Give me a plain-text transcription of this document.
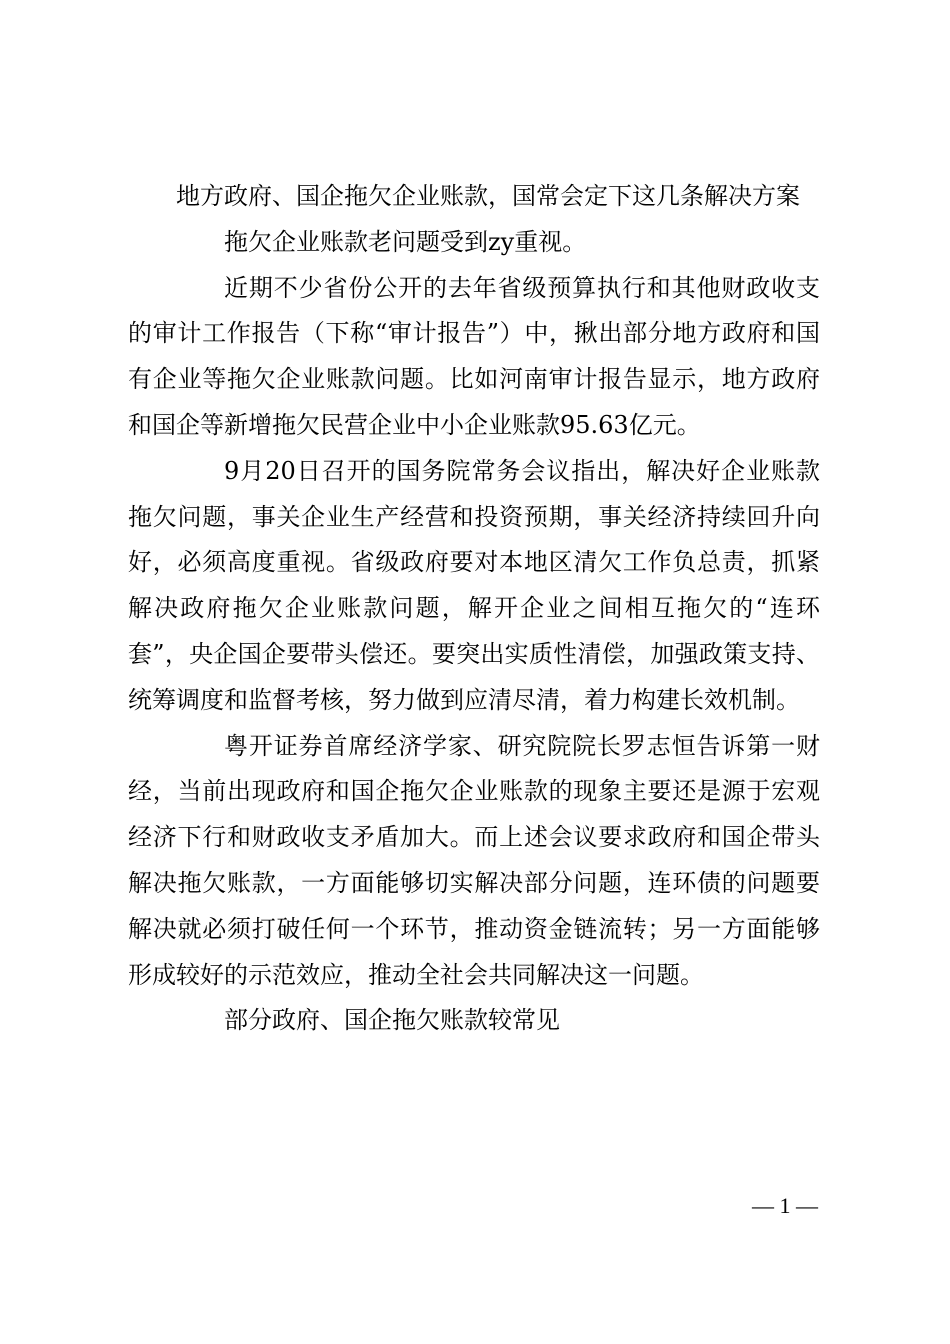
地方政府、国企拖欠企业账款，国常会定下这几条解决方案

拖欠企业账款老问题受到zy重视。

近期不少省份公开的去年省级预算执行和其他财政收支的审计工作报告（下称“审计报告”）中，揪出部分地方政府和国有企业等拖欠企业账款问题。比如河南审计报告显示，地方政府和国企等新增拖欠民营企业中小企业账款95.63亿元。

9月20日召开的国务院常务会议指出，解决好企业账款拖欠问题，事关企业生产经营和投资预期，事关经济持续回升向好，必须高度重视。省级政府要对本地区清欠工作负总责，抓紧解决政府拖欠企业账款问题，解开企业之间相互拖欠的“连环套”，央企国企要带头偿还。要突出实质性清偿，加强政策支持、统筹调度和监督考核，努力做到应清尽清，着力构建长效机制。

粤开证券首席经济学家、研究院院长罗志恒告诉第一财经，当前出现政府和国企拖欠企业账款的现象主要还是源于宏观经济下行和财政收支矛盾加大。而上述会议要求政府和国企带头解决拖欠账款，一方面能够切实解决部分问题，连环债的问题要解决就必须打破任何一个环节，推动资金链流转；另一方面能够形成较好的示范效应，推动全社会共同解决这一问题。

部分政府、国企拖欠账款较常见

— 1 —
